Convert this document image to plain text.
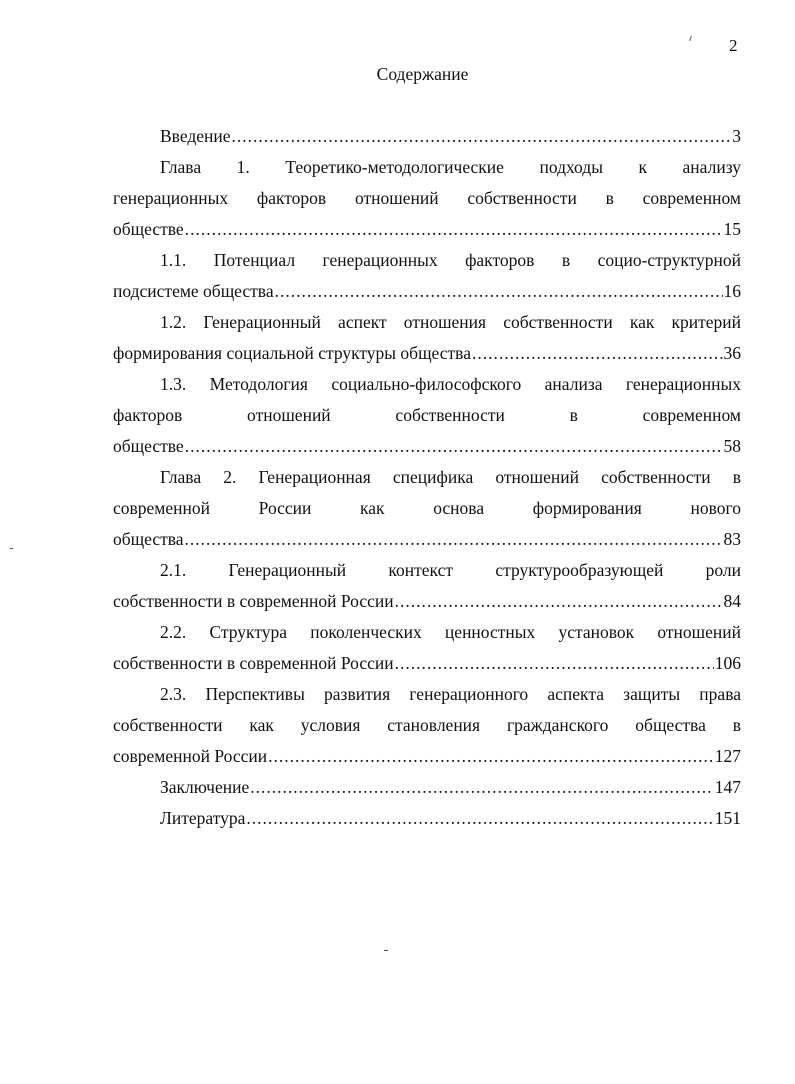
2
Содержание
Введение .....	3
Глава 1. Теоретико-методологические подходы к анализу
генерационных факторов отношений собственности в современном
обществе .....	15
1.1. Потенциал генерационных факторов в социо-структурной
подсистеме общества .....	16
1.2. Генерационный аспект отношения собственности как критерий
формирования социальной структуры общества .....	36
1.3. Методология социально-философского анализа генерационных
факторов отношений собственности в современном
обществе .....	58
Глава 2. Генерационная специфика отношений собственности в
современной России как основа формирования нового
общества .....	83
2.1. Генерационный контекст структурообразующей роли
собственности в современной России .....	84
2.2. Структура поколенческих ценностных установок отношений
собственности в современной России .....	106
2.3. Перспективы развития генерационного аспекта защиты права
собственности как условия становления гражданского общества в
современной России .....	127
Заключение .....	147
Литература .....	151
